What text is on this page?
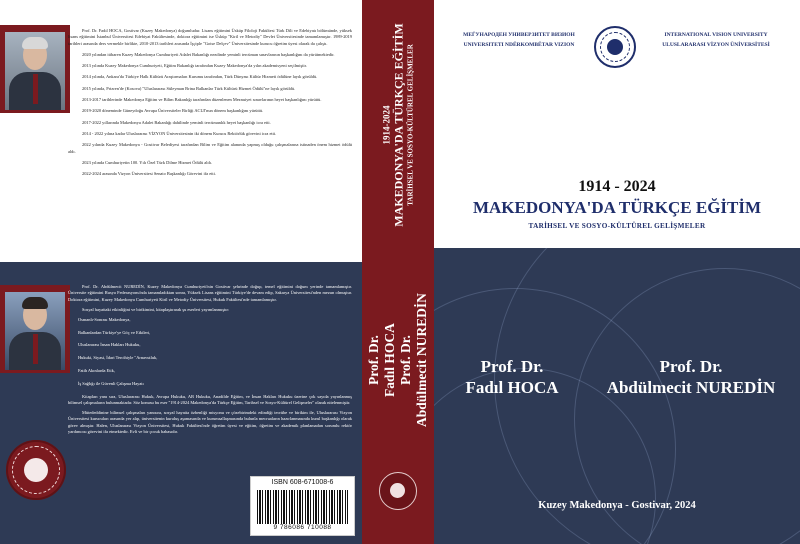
Prof. Dr. Fadıl HOCA, Gostivar (Kuzey Makedonya) doğumludur. Lisans eğitimini Üsküp Filoloji Fakültesi Türk Dili ve Edebiyatı bölümünde, yüksek lisans eğitimini İstanbul Üniversitesi Edebiyat Fakültesinde, doktora eğitimini ise Üsküp "Kiril ve Metodiy" Devlet Üniversitesinde tamamlamıştır. 1989-2019 tarihleri arasında ders vermekle birlikte, 2010-2013 tarihleri arasında İşçiple "Gotse Delçev" Üniversitesinde kurucu öğretim üyesi olarak da çalıştı.

2020 yılından itibaren Kuzey Makedonya Cumhuriyeti Adalet Bakanlığı nezdinde yeminli tercüman sınavlarının başkanlığını da yürütmektedir.

2013 yılında Kuzey Makedonya Cumhuriyeti, Eğitim Bakanlığı tarafından Kuzey Makedonya'da yılın akademisyeni seçilmiştir.

2014 yılında, Ankara'da Türkiye Halk Kültürü Araştırmaları Kurumu tarafından, Türk Dünyası Kültür Hizmeti ödülüne layık görüldü.

2015 yılında, Prizren'de (Kosova) "Uluslararası Süleyman Brina Balkanlar Türk Kültürü Hizmet Ödülü"ne layık görüldü.

2013-2017 tarihlerinde Makedonya Eğitim ve Bilim Bakanlığı tarafından düzenlenen Meznuiyet sınavlarının heyet başkanlığını yürüttü.

2019-2020 döneminde Güneydoğu Avrupa Üniversiteler Birliği ACUJ'nun dönem başkanlığını yürüttü.

2017-2022 yıllarında Makedonya Adalet Bakanlığı dahilinde yeminli tercümanlık heyet başkanlığı icra etti.

2014 - 2022 yılına kadar Uluslararası VİZYON Üniversitesinin iki dönem Kurucu Rektörlük görevini icra etti.

2022 yılında Kuzey Makedonya - Gostivar Belediyesi tarafından Bilim ve Eğitim alanında yapmış olduğu çalışmalarına istinaden önem hizmet ödülü aldı.

2023 yılında Cumhuriyetin 100. Yılı Özel Türk Dilme Hizmet Ödülü aldı.

2022-2024 arasında Vizyon Üniversitesi Senato Başkanlığı Görevini ifa etti.

Prof. Dr. Abdülmecit NUREDİN, Kuzey Makedonya Cumhuriyeti'nin Gostivar şehrinde doğup, temel eğitimini doğum yerinde tamamlamıştır. Üniversite eğitimini Rusya Federasyonu'nda tamamladıktan sonra, Yüksek Lisans eğitimini Türkiye'de devam edip, Sakarya Üniversitesi'nden mezun olmuştur. Doktora eğitimini, Kuzey Makedonya Cumhuriyeti Kiril ve Metodiy Üniversitesi, Hukuk Fakültesi'nde tamamlamıştır.

Sosyal hayattaki etkinliğini ve birikimini, kitaplaştırarak şu eserleri yayımlanmıştır:

Osmanlı-Sonrası Makedonya,

Balkanlardan Türkiye'ye Göç ve Etkileri,

Uluslararası İnsan Hakları Hukuku,

Hukuki, Siyasi, İdari Tercihiyle "Arnavutluk,

Fatih Akınlarda Etik,

İş Sağlığı ile Güvenli Çalışma Hayatı

Kitapları yanı sıra, Uluslararası Hukuk, Avrupa Hukuku, AB Hukuku, Anadilde Eğitim, ve İnsan Hakları Hukuku üzerine çok sayıda yayınlanmış bilimsel çalışmaların bulunmaktadır. Söz konusu bu eser "1914-2024 Makedonya'da Türkçe Eğitim, Tarihsel ve Sosyo-Kültürel Gelişmeler" olarak nitelenmiştir.

Mütededdinine bilimsel çalışmaları yanısıra, sosyal hayatta özbenliği misyonu ve çözebirimdeki edindiği tecrübe ve birikim ile, Uluslararası Vizyon Üniversitesi kurucuları arasında yer alıp, üniversitenin kuruluş aşamasında ve kurumsallaşmasında bulunla mecruaların hazırlanmasında kurul başkanlığı olarak görev almıştır. Halen, Uluslararası Vizyon Üniversitesi, Hukuk Fakültesi'nde öğretim üyesi ve eğitim, öğretim ve akademik planlamadan sorumlu rektör yardımcısı görevini ifa etmektedir. Evli ve bir çocuk babasıdır.

ISBN 608-671008-6
9 786086 710088
1914-2024 MAKEDONYA'DA TÜRKÇE EĞİTİM TARİHSEL VE SOSYO-KÜLTÜREL GELİŞMELER
Prof. Dr. Fadıl HOCA Prof. Dr. Abdülmecit NUREDİN
МЕЃУНАРОДЕН УНИВЕРЗИТЕТ ВИЗИОН
UNIVERSITETI NDËRKOMBËTAR VIZION
INTERNATIONAL VISION UNIVERSITY
ULUSLARARASI VİZYON ÜNİVERSİTESİ
1914 - 2024
MAKEDONYA'DA TÜRKÇE EĞİTİM
TARİHSEL VE SOSYO-KÜLTÜREL GELİŞMELER
Prof. Dr.
Fadıl HOCA
Prof. Dr.
Abdülmecit NUREDİN
Kuzey Makedonya - Gostivar, 2024
